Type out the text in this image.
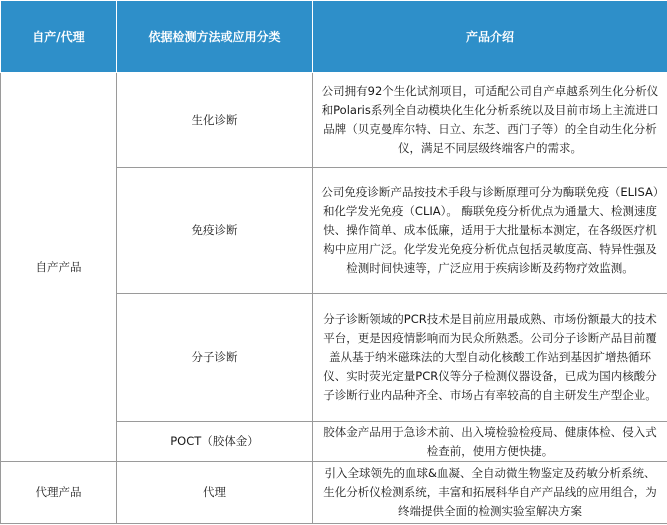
自产/代理	依据检测方法或应用分类	产品介绍
自产产品	生化诊断	公司拥有92个生化试剂项目，可适配公司自产卓越系列生化分析仪和Polaris系列全自动模块化生化分析系统以及目前市场上主流进口品牌（贝克曼库尔特、日立、东芝、西门子等）的全自动生化分析仪，满足不同层级终端客户的需求。
	免疫诊断	公司免疫诊断产品按技术手段与诊断原理可分为酶联免疫（ELISA）和化学发光免疫（CLIA）。 酶联免疫分析优点为通量大、检测速度快、操作简单、成本低廉，适用于大批量标本测定，在各级医疗机构中应用广泛。化学发光免疫分析优点包括灵敏度高、特异性强及检测时间快速等，广泛应用于疾病诊断及药物疗效监测。
	分子诊断	分子诊断领域的PCR技术是目前应用最成熟、市场份额最大的技术平台，更是因疫情影响而为民众所熟悉。公司分子诊断产品目前覆盖从基于纳米磁珠法的大型自动化核酸工作站到基因扩增热循环仪、实时荧光定量PCR仪等分子检测仪器设备，已成为国内核酸分子诊断行业内品种齐全、市场占有率较高的自主研发生产型企业。
	POCT（胶体金）	胶体金产品用于急诊术前、出入境检验检疫局、健康体检、侵入式检查前，使用方便快捷。
代理产品	代理	引入全球领先的血球&血凝、全自动微生物鉴定及药敏分析系统、生化分析仪检测系统，丰富和拓展科华自产产品线的应用组合，为终端提供全面的检测实验室解决方案
